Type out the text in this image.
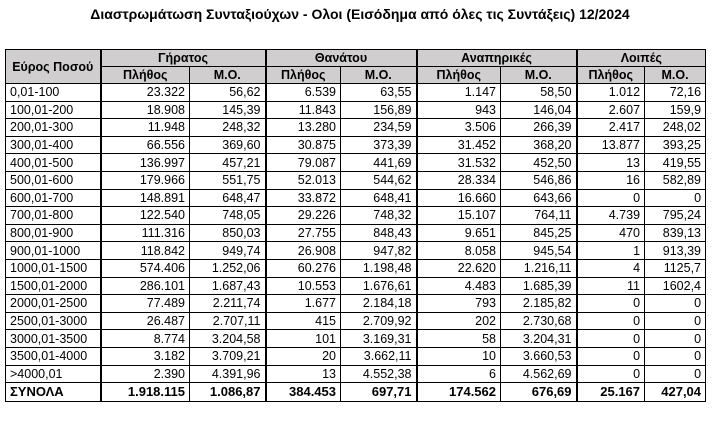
Διαστρωμάτωση Συνταξιούχων - Ολοι (Εισόδημα από όλες τις Συντάξεις) 12/2024
Εύρος Ποσού	Γήρατος		Θανάτου		Αναπηρικές		Λοιπές	
	Πλήθος	Μ.Ο.	Πλήθος	Μ.Ο.	Πλήθος	Μ.Ο.	Πλήθος	Μ.Ο.
0,01-100	23.322	56,62	6.539	63,55	1.147	58,50	1.012	72,16
100,01-200	18.908	145,39	11.843	156,89	943	146,04	2.607	159,9
200,01-300	11.948	248,32	13.280	234,59	3.506	266,39	2.417	248,02
300,01-400	66.556	369,60	30.875	373,39	31.452	368,20	13.877	393,25
400,01-500	136.997	457,21	79.087	441,69	31.532	452,50	13	419,55
500,01-600	179.966	551,75	52.013	544,62	28.334	546,86	16	582,89
600,01-700	148.891	648,47	33.872	648,41	16.660	643,66	0	0
700,01-800	122.540	748,05	29.226	748,32	15.107	764,11	4.739	795,24
800,01-900	111.316	850,03	27.755	848,43	9.651	845,25	470	839,13
900,01-1000	118.842	949,74	26.908	947,82	8.058	945,54	1	913,39
1000,01-1500	574.406	1.252,06	60.276	1.198,48	22.620	1.216,11	4	1125,7
1500,01-2000	286.101	1.687,43	10.553	1.676,61	4.483	1.685,39	11	1602,4
2000,01-2500	77.489	2.211,74	1.677	2.184,18	793	2.185,82	0	0
2500,01-3000	26.487	2.707,11	415	2.709,92	202	2.730,68	0	0
3000,01-3500	8.774	3.204,58	101	3.169,31	58	3.204,31	0	0
3500,01-4000	3.182	3.709,21	20	3.662,11	10	3.660,53	0	0
>4000,01	2.390	4.391,96	13	4.552,38	6	4.562,69	0	0
ΣΥΝΟΛΑ	1.918.115	1.086,87	384.453	697,71	174.562	676,69	25.167	427,04
